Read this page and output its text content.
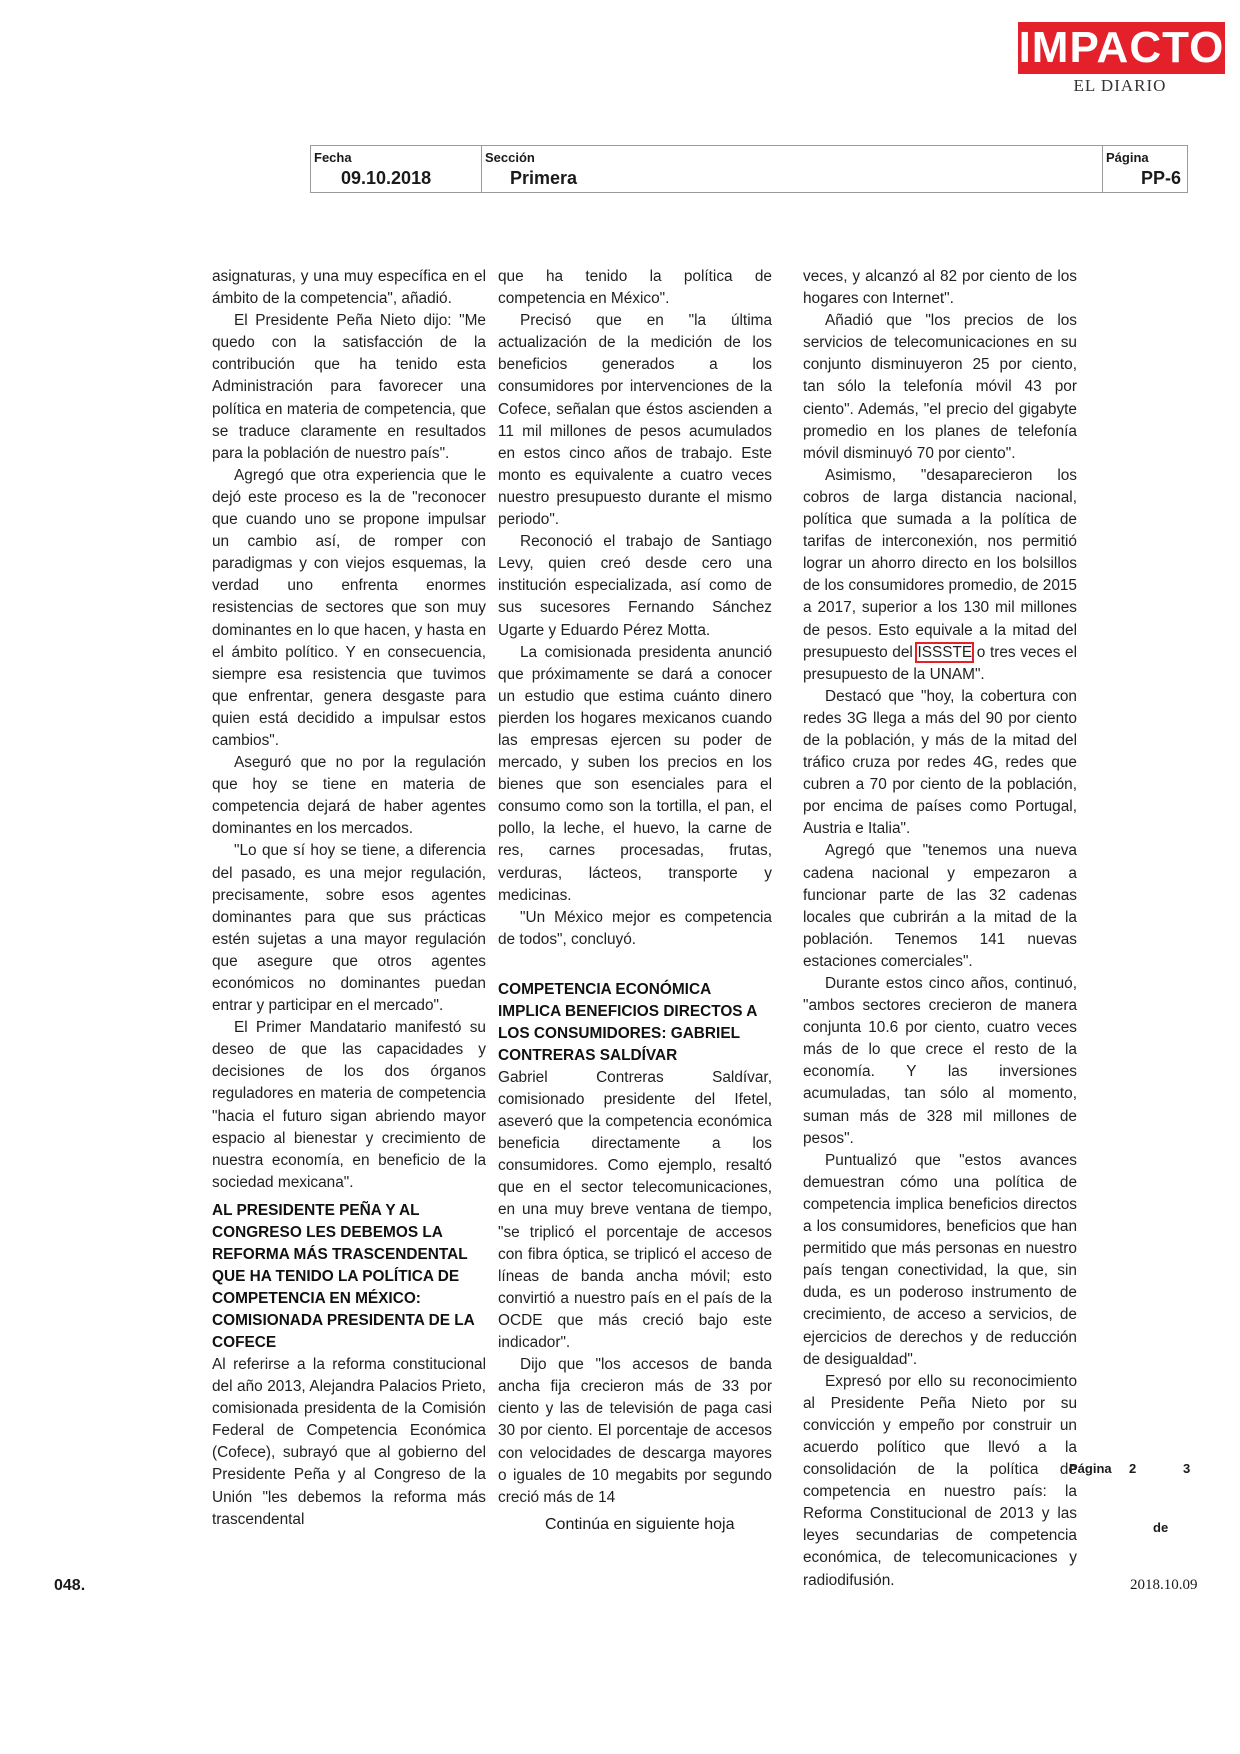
IMPACTO
EL DIARIO
Fecha
09.10.2018
Sección
Primera
Página
PP-6

asignaturas, y una muy específica en el ámbito de la competencia", añadió.

El Presidente Peña Nieto dijo: "Me quedo con la satisfacción de la contribución que ha tenido esta Administración para favorecer una política en materia de competencia, que se traduce claramente en resultados para la población de nuestro país".

Agregó que otra experiencia que le dejó este proceso es la de "reconocer que cuando uno se propone impulsar un cambio así, de romper con paradigmas y con viejos esquemas, la verdad uno enfrenta enormes resistencias de sectores que son muy dominantes en lo que hacen, y hasta en el ámbito político. Y en consecuencia, siempre esa resistencia que tuvimos que enfrentar, genera desgaste para quien está decidido a impulsar estos cambios".

Aseguró que no por la regulación que hoy se tiene en materia de competencia dejará de haber agentes dominantes en los mercados.

"Lo que sí hoy se tiene, a diferencia del pasado, es una mejor regulación, precisamente, sobre esos agentes dominantes para que sus prácticas estén sujetas a una mayor regulación que asegure que otros agentes económicos no dominantes puedan entrar y participar en el mercado".

El Primer Mandatario manifestó su deseo de que las capacidades y decisiones de los dos órganos reguladores en materia de competencia "hacia el futuro sigan abriendo mayor espacio al bienestar y crecimiento de nuestra economía, en beneficio de la sociedad mexicana".

AL PRESIDENTE PEÑA Y AL CONGRESO LES DEBEMOS LA REFORMA MÁS TRASCENDENTAL QUE HA TENIDO LA POLÍTICA DE COMPETENCIA EN MÉXICO: COMISIONADA PRESIDENTA DE LA COFECE

Al referirse a la reforma constitucional del año 2013, Alejandra Palacios Prieto, comisionada presidenta de la Comisión Federal de Competencia Económica (Cofece), subrayó que al gobierno del Presidente Peña y al Congreso de la Unión "les debemos la reforma más trascendental

que ha tenido la política de competencia en México".

Precisó que en "la última actualización de la medición de los beneficios generados a los consumidores por intervenciones de la Cofece, señalan que éstos ascienden a 11 mil millones de pesos acumulados en estos cinco años de trabajo. Este monto es equivalente a cuatro veces nuestro presupuesto durante el mismo periodo".

Reconoció el trabajo de Santiago Levy, quien creó desde cero una institución especializada, así como de sus sucesores Fernando Sánchez Ugarte y Eduardo Pérez Motta.

La comisionada presidenta anunció que próximamente se dará a conocer un estudio que estima cuánto dinero pierden los hogares mexicanos cuando las empresas ejercen su poder de mercado, y suben los precios en los bienes que son esenciales para el consumo como son la tortilla, el pan, el pollo, la leche, el huevo, la carne de res, carnes procesadas, frutas, verduras, lácteos, transporte y medicinas.

"Un México mejor es competencia de todos", concluyó.

COMPETENCIA ECONÓMICA IMPLICA BENEFICIOS DIRECTOS A LOS CONSUMIDORES: GABRIEL CONTRERAS SALDÍVAR

Gabriel Contreras Saldívar, comisionado presidente del Ifetel, aseveró que la competencia económica beneficia directamente a los consumidores. Como ejemplo, resaltó que en el sector telecomunicaciones, en una muy breve ventana de tiempo, "se triplicó el porcentaje de accesos con fibra óptica, se triplicó el acceso de líneas de banda ancha móvil; esto convirtió a nuestro país en el país de la OCDE que más creció bajo este indicador".

Dijo que "los accesos de banda ancha fija crecieron más de 33 por ciento y las de televisión de paga casi 30 por ciento. El porcentaje de accesos con velocidades de descarga mayores o iguales de 10 megabits por segundo creció más de 14

veces, y alcanzó al 82 por ciento de los hogares con Internet".

Añadió que "los precios de los servicios de telecomunicaciones en su conjunto disminuyeron 25 por ciento, tan sólo la telefonía móvil 43 por ciento". Además, "el precio del gigabyte promedio en los planes de telefonía móvil disminuyó 70 por ciento".

Asimismo, "desaparecieron los cobros de larga distancia nacional, política que sumada a la política de tarifas de interconexión, nos permitió lograr un ahorro directo en los bolsillos de los consumidores promedio, de 2015 a 2017, superior a los 130 mil millones de pesos. Esto equivale a la mitad del presupuesto del ISSSTE o tres veces el presupuesto de la UNAM".

Destacó que "hoy, la cobertura con redes 3G llega a más del 90 por ciento de la población, y más de la mitad del tráfico cruza por redes 4G, redes que cubren a 70 por ciento de la población, por encima de países como Portugal, Austria e Italia".

Agregó que "tenemos una nueva cadena nacional y empezaron a funcionar parte de las 32 cadenas locales que cubrirán a la mitad de la población. Tenemos 141 nuevas estaciones comerciales".

Durante estos cinco años, continuó, "ambos sectores crecieron de manera conjunta 10.6 por ciento, cuatro veces más de lo que crece el resto de la economía. Y las inversiones acumuladas, tan sólo al momento, suman más de 328 mil millones de pesos".

Puntualizó que "estos avances demuestran cómo una política de competencia implica beneficios directos a los consumidores, beneficios que han permitido que más personas en nuestro país tengan conectividad, la que, sin duda, es un poderoso instrumento de crecimiento, de acceso a servicios, de ejercicios de derechos y de reducción de desigualdad".

Expresó por ello su reconocimiento al Presidente Peña Nieto por su convicción y empeño por construir un acuerdo político que llevó a la consolidación de la política de competencia en nuestro país: la Reforma Constitucional de 2013 y las leyes secundarias de competencia económica, de telecomunicaciones y radiodifusión.

Página 2	3
de
Continúa en siguiente hoja
048.	2018.10.09
